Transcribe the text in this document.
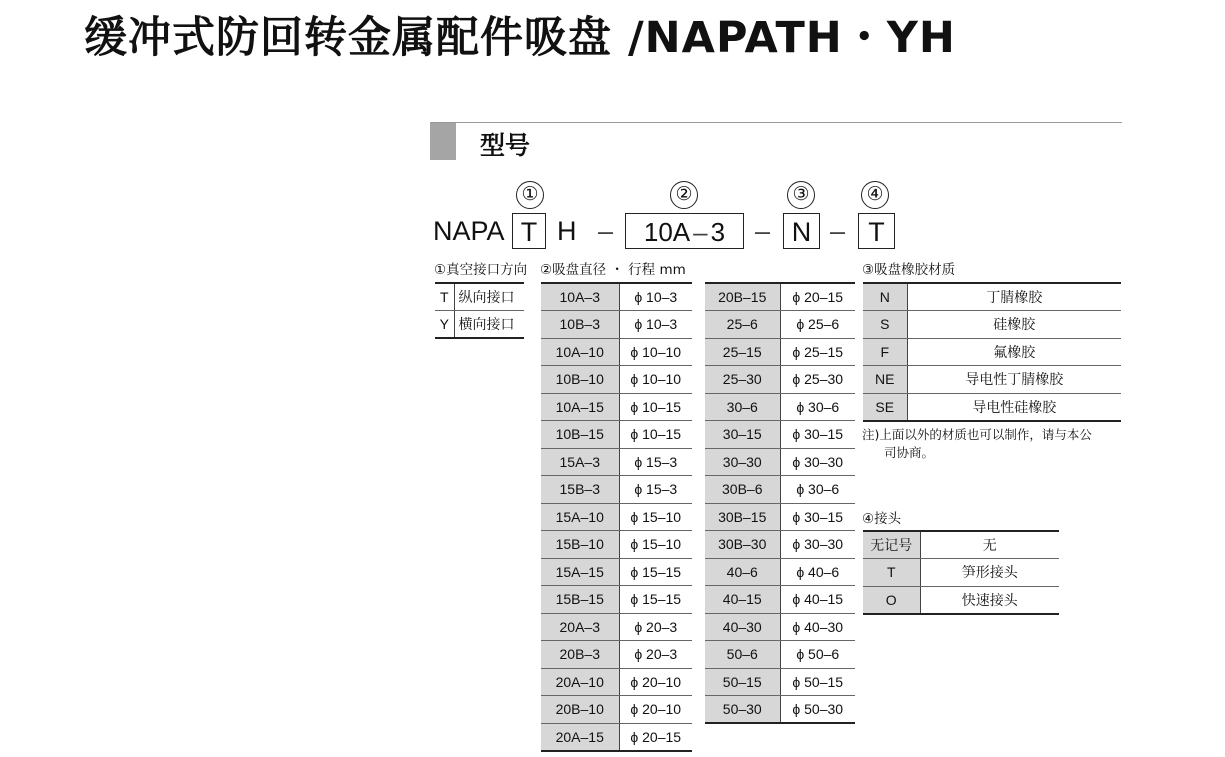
缓冲式防回转金属配件吸盘 /NAPATH・YH
型号
①	②	③	④
NAPA T H –	10A – 3	– N – T
①真空接口方向 ②吸盘直径 ・ 行程 mm	③吸盘橡胶材质
④接头
T	纵向接口
Y	横向接口
10A–3	ϕ 10–3
10B–3	ϕ 10–3
10A–10	ϕ 10–10
10B–10	ϕ 10–10
10A–15	ϕ 10–15
10B–15	ϕ 10–15
15A–3	ϕ 15–3
15B–3	ϕ 15–3
15A–10	ϕ 15–10
15B–10	ϕ 15–10
15A–15	ϕ 15–15
15B–15	ϕ 15–15
20A–3	ϕ 20–3
20B–3	ϕ 20–3
20A–10	ϕ 20–10
20B–10	ϕ 20–10
20A–15	ϕ 20–15
20B–15	ϕ 20–15
25–6	ϕ 25–6
25–15	ϕ 25–15
25–30	ϕ 25–30
30–6	ϕ 30–6
30–15	ϕ 30–15
30–30	ϕ 30–30
30B–6	ϕ 30–6
30B–15	ϕ 30–15
30B–30	ϕ 30–30
40–6	ϕ 40–6
40–15	ϕ 40–15
40–30	ϕ 40–30
50–6	ϕ 50–6
50–15	ϕ 50–15
50–30	ϕ 50–30
N	丁腈橡胶
S	硅橡胶
F	氟橡胶
NE	导电性丁腈橡胶
SE	导电性硅橡胶
注)上面以外的材质也可以制作，请与本公
司协商。
无记号	无
T	笋形接头
O	快速接头
